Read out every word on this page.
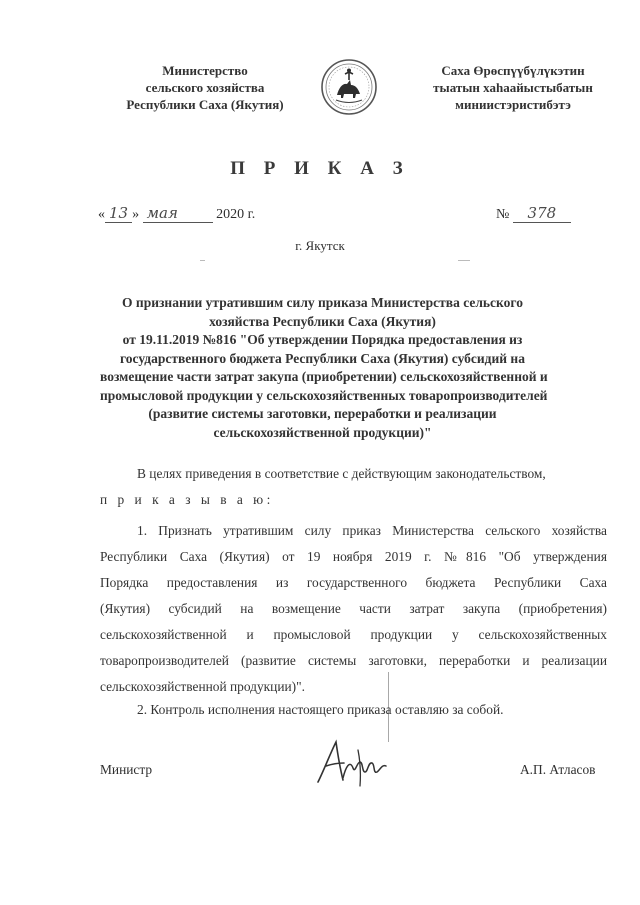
Министерство
сельского хозяйства
Республики Саха (Якутия)
Саха Өрөспүүбүлүкэтин
тыатын хаһаайыстыбатын
миниистэристибэтэ
П Р И К А З
« 13 » мая	2020 г.	№ 378
г. Якутск
О признании утратившим силу приказа Министерства сельского
хозяйства Республики Саха (Якутия)
от 19.11.2019 №816 "Об утверждении Порядка предоставления из
государственного бюджета Республики Саха (Якутия) субсидий на
возмещение части затрат закупа (приобретении) сельскохозяйственной и
промысловой продукции у сельскохозяйственных товаропроизводителей
(развитие системы заготовки, переработки и реализации
сельскохозяйственной продукции)"
В целях приведения в соответствие с действующим законодательством,
п р и к а з ы в а ю:
1. Признать утратившим силу приказ Министерства сельского хозяйства
Республики Саха (Якутия) от 19 ноября 2019 г. №816 "Об утверждения
Порядка предоставления из государственного бюджета Республики Саха
(Якутия) субсидий на возмещение части затрат закупа (приобретения)
сельскохозяйственной и промысловой продукции у сельскохозяйственных
товаропроизводителей (развитие системы заготовки, переработки и реализации
сельскохозяйственной продукции)".
2. Контроль исполнения настоящего приказа оставляю за собой.
Министр	А.П. Атласов
